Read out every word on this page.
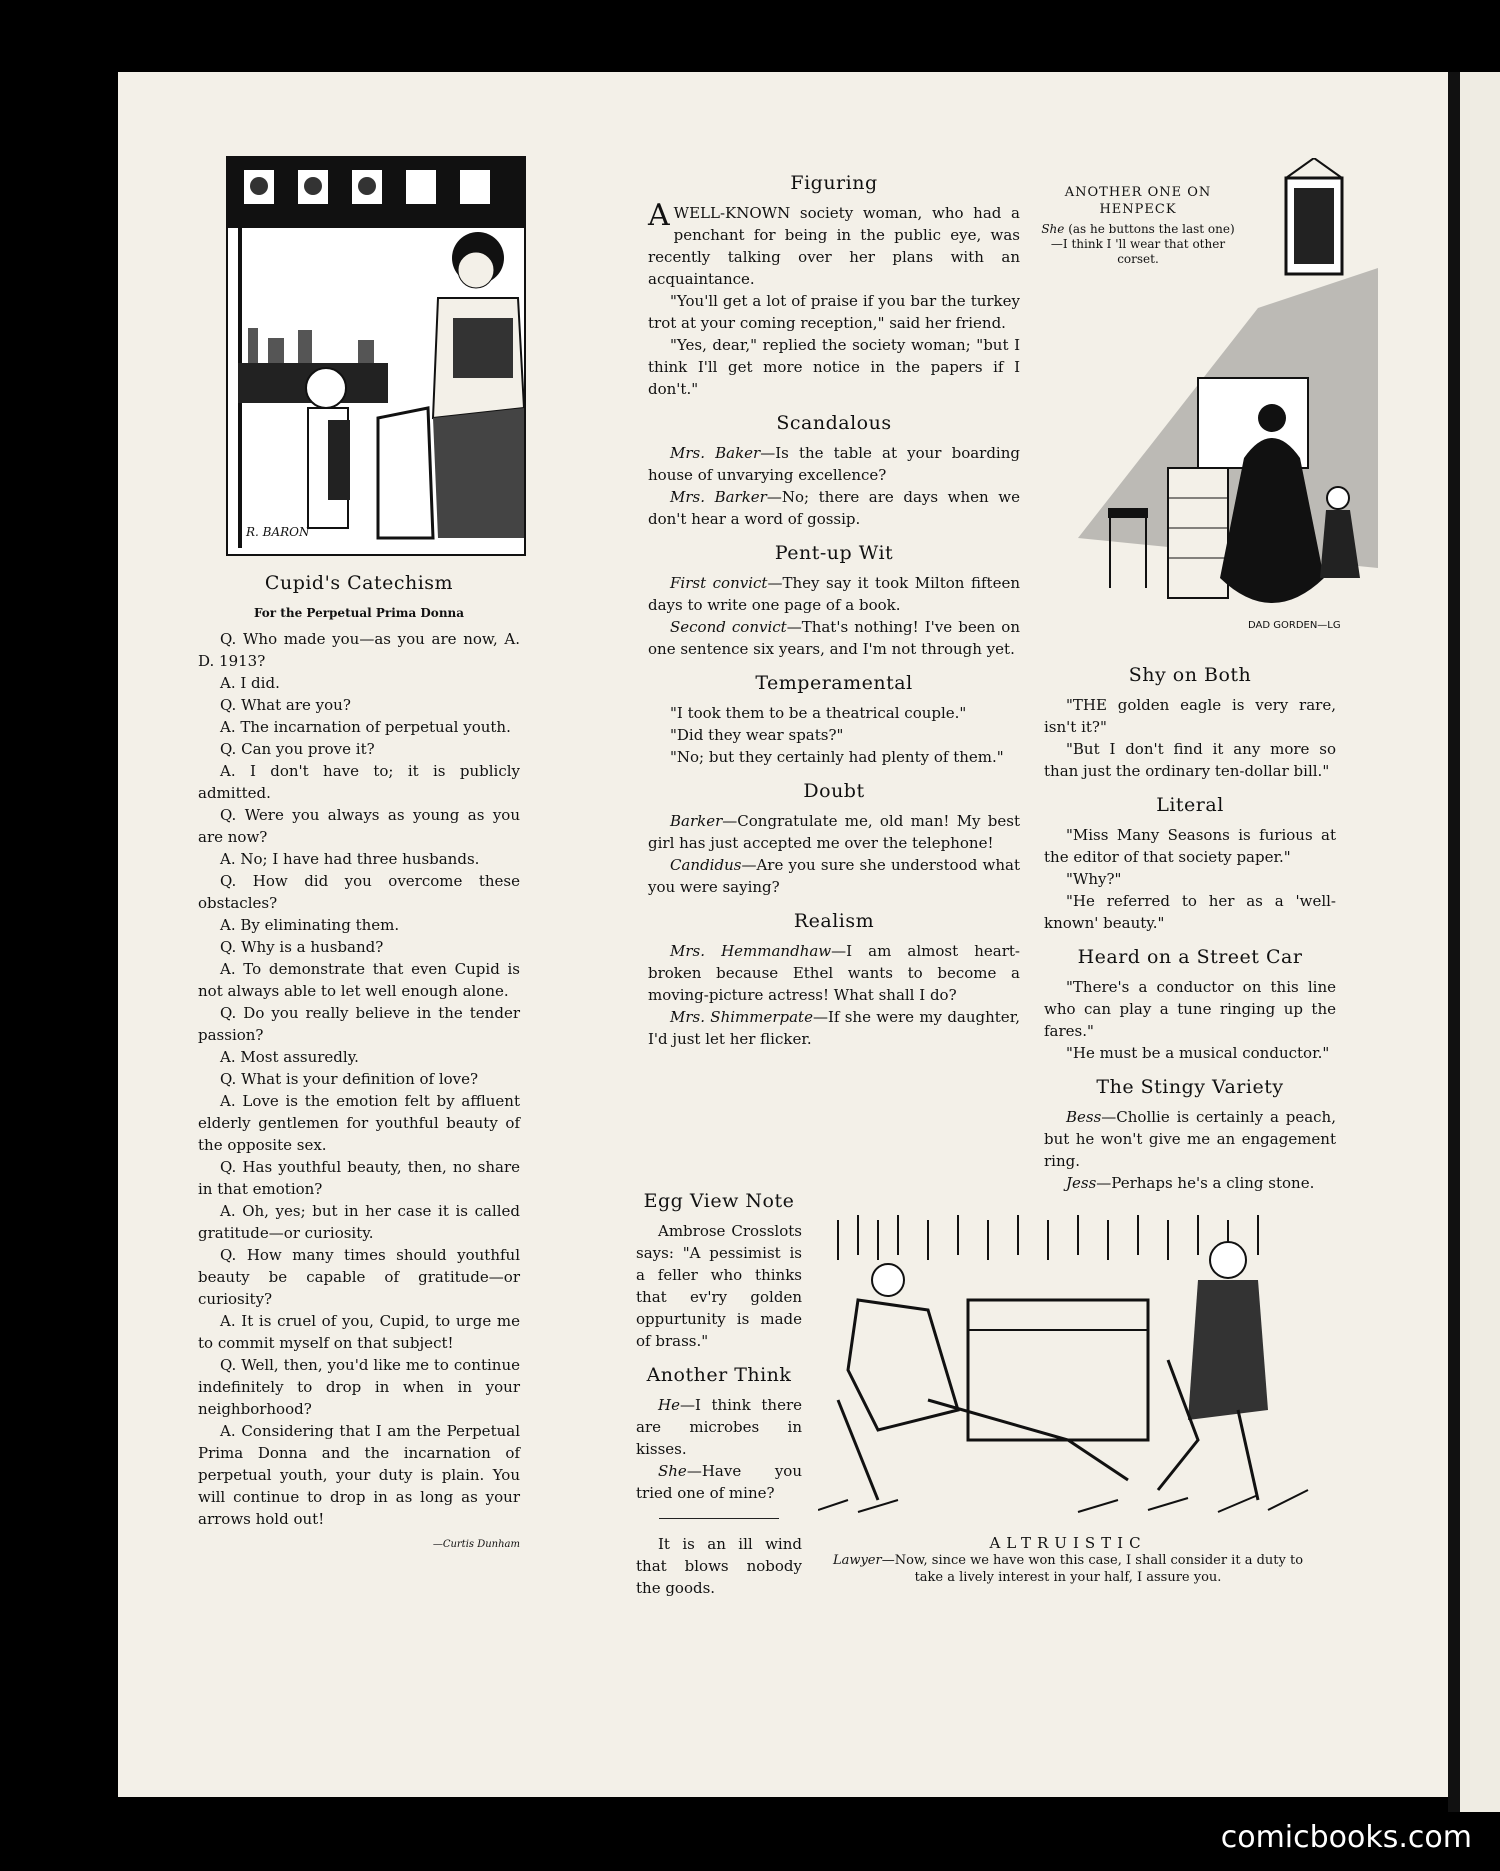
R. BARON
Cupid's Catechism
For the Perpetual Prima Donna

Q. Who made you—as you are now, A. D. 1913?

A. I did.

Q. What are you?

A. The incarnation of perpetual youth.

Q. Can you prove it?

A. I don't have to; it is publicly admitted.

Q. Were you always as young as you are now?

A. No; I have had three husbands.

Q. How did you overcome these obstacles?

A. By eliminating them.

Q. Why is a husband?

A. To demonstrate that even Cupid is not always able to let well enough alone.

Q. Do you really believe in the tender passion?

A. Most assuredly.

Q. What is your definition of love?

A. Love is the emotion felt by affluent elderly gentlemen for youthful beauty of the opposite sex.

Q. Has youthful beauty, then, no share in that emotion?

A. Oh, yes; but in her case it is called gratitude—or curiosity.

Q. How many times should youthful beauty be capable of gratitude—or curiosity?

A. It is cruel of you, Cupid, to urge me to commit myself on that subject!

Q. Well, then, you'd like me to continue indefinitely to drop in when in your neighborhood?

A. Considering that I am the Perpetual Prima Donna and the incarnation of perpetual youth, your duty is plain. You will continue to drop in as long as your arrows hold out!

—Curtis Dunham
Figuring

AWELL-KNOWN society woman, who had a penchant for being in the public eye, was recently talking over her plans with an acquaintance.

"You'll get a lot of praise if you bar the turkey trot at your coming reception," said her friend.

"Yes, dear," replied the society woman; "but I think I'll get more notice in the papers if I don't."

Scandalous

Mrs. Baker—Is the table at your boarding house of unvarying excellence?

Mrs. Barker—No; there are days when we don't hear a word of gossip.

Pent-up Wit

First convict—They say it took Milton fifteen days to write one page of a book.

Second convict—That's nothing! I've been on one sentence six years, and I'm not through yet.

Temperamental

"I took them to be a theatrical couple."

"Did they wear spats?"

"No; but they certainly had plenty of them."

Doubt

Barker—Congratulate me, old man! My best girl has just accepted me over the telephone!

Candidus—Are you sure she understood what you were saying?

Realism

Mrs. Hemmandhaw—I am almost heart-broken because Ethel wants to become a moving-picture actress! What shall I do?

Mrs. Shimmerpate—If she were my daughter, I'd just let her flicker.

ANOTHER ONE ON HENPECK

She (as he buttons the last one)—I think I 'll wear that other corset.

DAD GORDEN—LG
Shy on Both

"THE golden eagle is very rare, isn't it?"

"But I don't find it any more so than just the ordinary ten-dollar bill."

Literal

"Miss Many Seasons is furious at the editor of that society paper."

"Why?"

"He referred to her as a 'well-known' beauty."

Heard on a Street Car

"There's a conductor on this line who can play a tune ringing up the fares."

"He must be a musical conductor."

The Stingy Variety

Bess—Chollie is certainly a peach, but he won't give me an engagement ring.

Jess—Perhaps he's a cling stone.

Egg View Note

Ambrose Crosslots says: "A pessimist is a feller who thinks that ev'ry golden oppurtunity is made of brass."

Another Think

He—I think there are microbes in kisses.

She—Have you tried one of mine?

It is an ill wind that blows nobody the goods.

ALTRUISTIC
Lawyer—Now, since we have won this case, I shall consider it a duty to take a lively interest in your half, I assure you.
comicbooks.com
